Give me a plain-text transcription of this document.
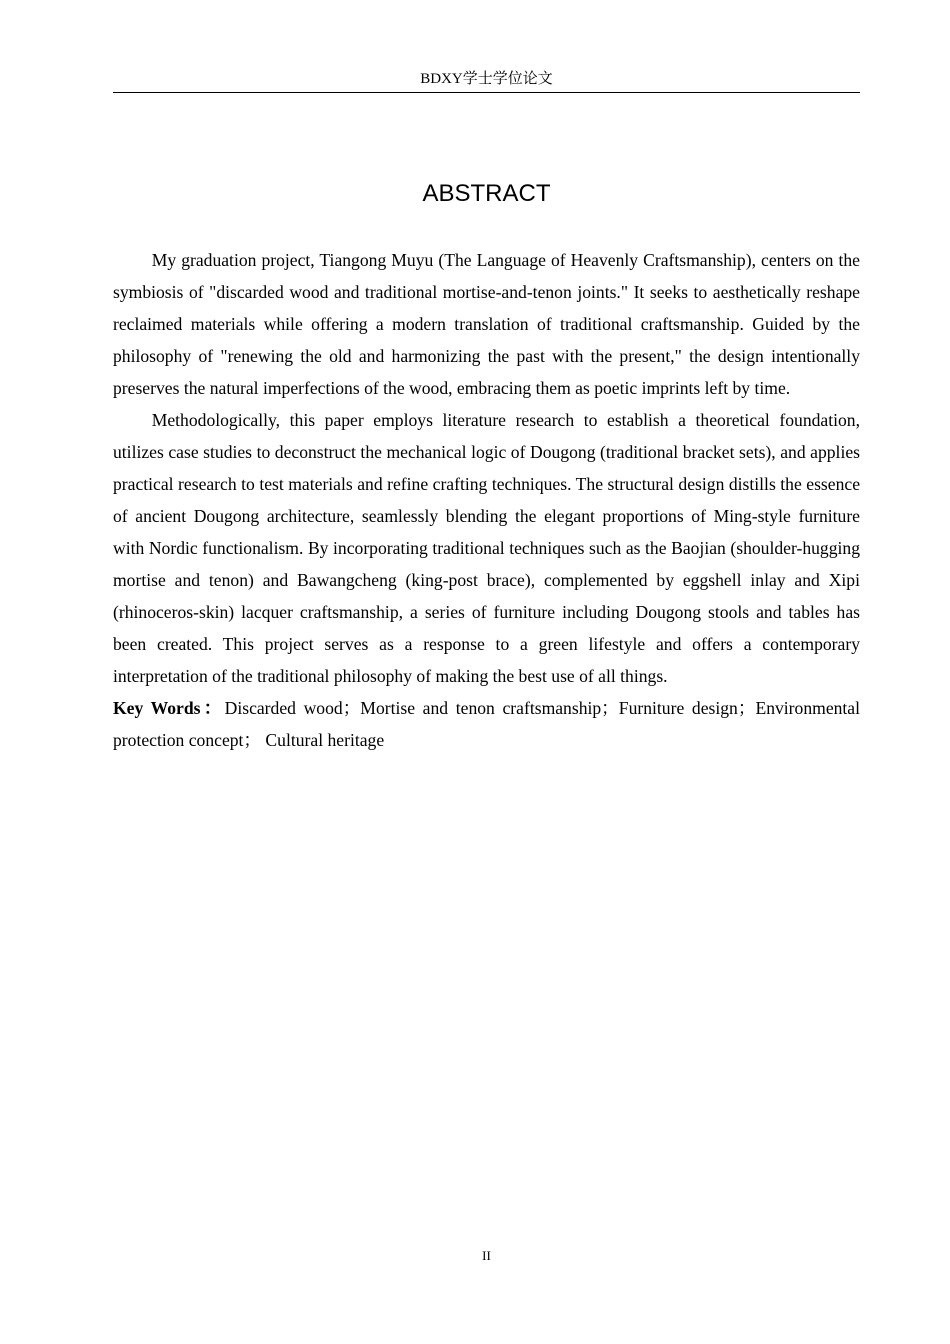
BDXY学士学位论文
ABSTRACT

My graduation project, Tiangong Muyu (The Language of Heavenly Craftsmanship), centers on the symbiosis of "discarded wood and traditional mortise-and-tenon joints." It seeks to aesthetically reshape reclaimed materials while offering a modern translation of traditional craftsmanship. Guided by the philosophy of "renewing the old and harmonizing the past with the present," the design intentionally preserves the natural imperfections of the wood, embracing them as poetic imprints left by time.

Methodologically, this paper employs literature research to establish a theoretical foundation, utilizes case studies to deconstruct the mechanical logic of Dougong (traditional bracket sets), and applies practical research to test materials and refine crafting techniques. The structural design distills the essence of ancient Dougong architecture, seamlessly blending the elegant proportions of Ming-style furniture with Nordic functionalism. By incorporating traditional techniques such as the Baojian (shoulder-hugging mortise and tenon) and Bawangcheng (king-post brace), complemented by eggshell inlay and Xipi (rhinoceros-skin) lacquer craftsmanship, a series of furniture including Dougong stools and tables has been created. This project serves as a response to a green lifestyle and offers a contemporary interpretation of the traditional philosophy of making the best use of all things.

Key Words：Discarded wood；Mortise and tenon craftsmanship；Furniture design；Environmental protection concept； Cultural heritage

II
